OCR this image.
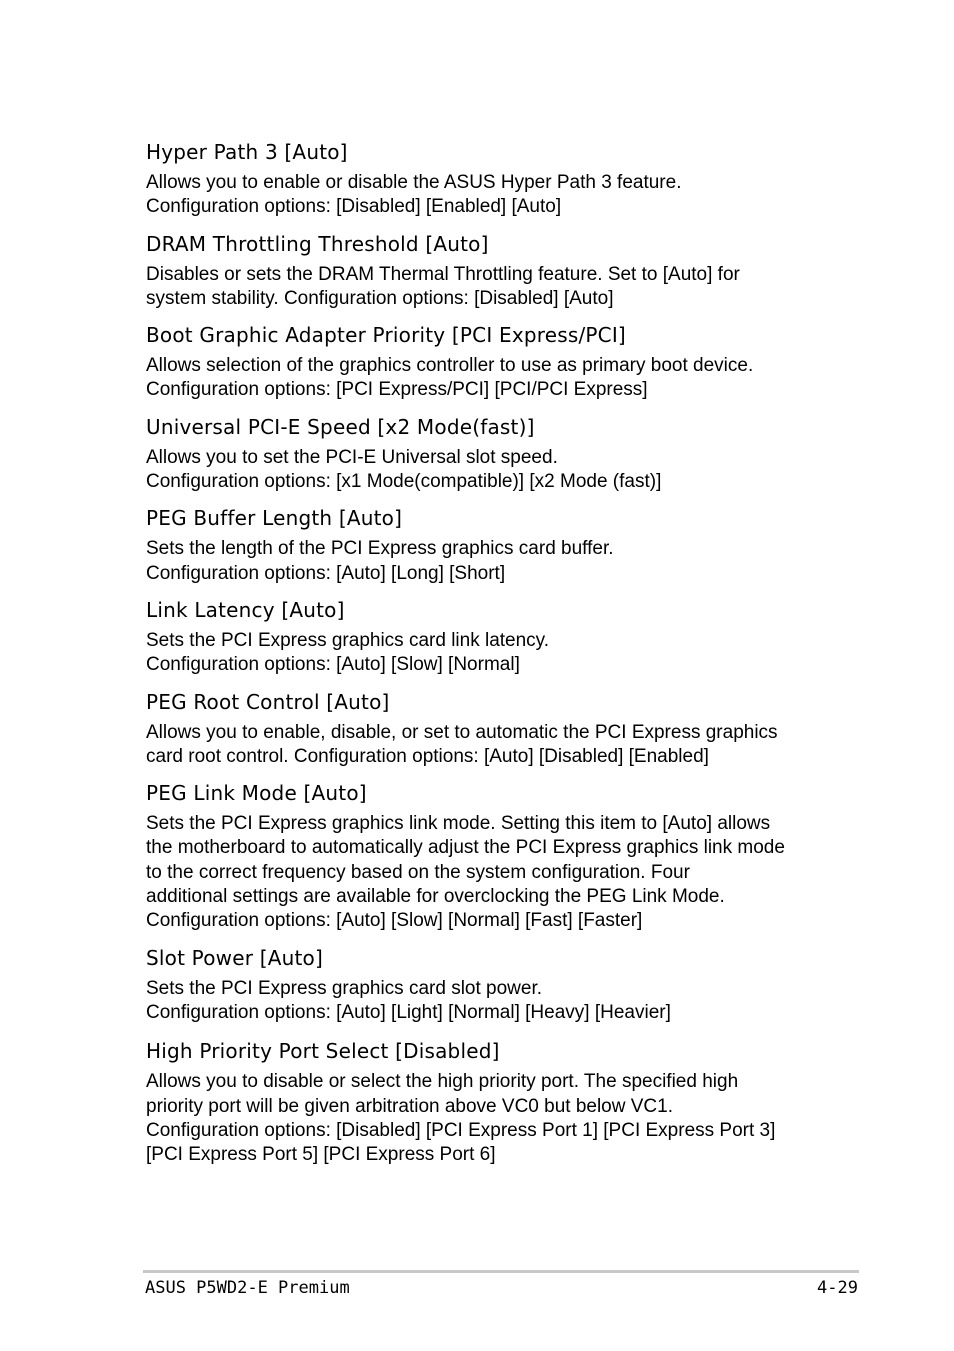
Hyper Path 3 [Auto]

Allows you to enable or disable the ASUS Hyper Path 3 feature.
Configuration options: [Disabled] [Enabled] [Auto]

DRAM Throttling Threshold [Auto]

Disables or sets the DRAM Thermal Throttling feature. Set to [Auto] for
system stability. Configuration options: [Disabled] [Auto]

Boot Graphic Adapter Priority [PCI Express/PCI]

Allows selection of the graphics controller to use as primary boot device.
Configuration options: [PCI Express/PCI] [PCI/PCI Express]

Universal PCI-E Speed [x2 Mode(fast)]

Allows you to set the PCI-E Universal slot speed.
Configuration options: [x1 Mode(compatible)] [x2 Mode (fast)]

PEG Buffer Length [Auto]

Sets the length of the PCI Express graphics card buffer.
Configuration options: [Auto] [Long] [Short]

Link Latency [Auto]

Sets the PCI Express graphics card link latency.
Configuration options: [Auto] [Slow] [Normal]

PEG Root Control [Auto]

Allows you to enable, disable, or set to automatic the PCI Express graphics
card root control. Configuration options: [Auto] [Disabled] [Enabled]

PEG Link Mode [Auto]

Sets the PCI Express graphics link mode. Setting this item to [Auto] allows
the motherboard to automatically adjust the PCI Express graphics link mode
to the correct frequency based on the system configuration. Four
additional settings are available for overclocking the PEG Link Mode.
Configuration options: [Auto] [Slow] [Normal] [Fast] [Faster]

Slot Power [Auto]

Sets the PCI Express graphics card slot power.
Configuration options: [Auto] [Light] [Normal] [Heavy] [Heavier]

High Priority Port Select [Disabled]

Allows you to disable or select the high priority port. The specified high
priority port will be given arbitration above VC0 but below VC1.
Configuration options: [Disabled] [PCI Express Port 1] [PCI Express Port 3]
[PCI Express Port 5] [PCI Express Port 6]

ASUS P5WD2-E Premium	4-29
